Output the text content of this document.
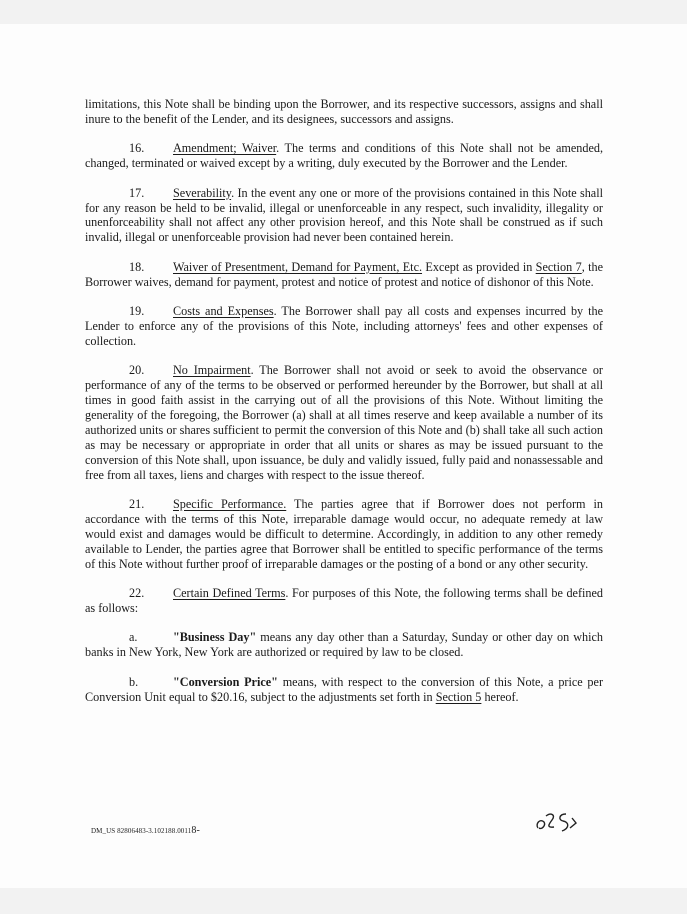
limitations, this Note shall be binding upon the Borrower, and its respective successors, assigns and shall inure to the benefit of the Lender, and its designees, successors and assigns.

16. Amendment; Waiver. The terms and conditions of this Note shall not be amended, changed, terminated or waived except by a writing, duly executed by the Borrower and the Lender.

17. Severability. In the event any one or more of the provisions contained in this Note shall for any reason be held to be invalid, illegal or unenforceable in any respect, such invalidity, illegality or unenforceability shall not affect any other provision hereof, and this Note shall be construed as if such invalid, illegal or unenforceable provision had never been contained herein.

18. Waiver of Presentment, Demand for Payment, Etc. Except as provided in Section 7, the Borrower waives, demand for payment, protest and notice of protest and notice of dishonor of this Note.

19. Costs and Expenses. The Borrower shall pay all costs and expenses incurred by the Lender to enforce any of the provisions of this Note, including attorneys' fees and other expenses of collection.

20. No Impairment. The Borrower shall not avoid or seek to avoid the observance or performance of any of the terms to be observed or performed hereunder by the Borrower, but shall at all times in good faith assist in the carrying out of all the provisions of this Note. Without limiting the generality of the foregoing, the Borrower (a) shall at all times reserve and keep available a number of its authorized units or shares sufficient to permit the conversion of this Note and (b) shall take all such action as may be necessary or appropriate in order that all units or shares as may be issued pursuant to the conversion of this Note shall, upon issuance, be duly and validly issued, fully paid and nonassessable and free from all taxes, liens and charges with respect to the issue thereof.

21. Specific Performance. The parties agree that if Borrower does not perform in accordance with the terms of this Note, irreparable damage would occur, no adequate remedy at law would exist and damages would be difficult to determine. Accordingly, in addition to any other remedy available to Lender, the parties agree that Borrower shall be entitled to specific performance of the terms of this Note without further proof of irreparable damages or the posting of a bond or any other security.

22. Certain Defined Terms. For purposes of this Note, the following terms shall be defined as follows:

a.	"Business Day" means any day other than a Saturday, Sunday or other day on which banks in New York, New York are authorized or required by law to be closed.

b.	"Conversion Price" means, with respect to the conversion of this Note, a price per Conversion Unit equal to $20.16, subject to the adjustments set forth in Section 5 hereof.

DM_US 82806483-3.102188.00118-
